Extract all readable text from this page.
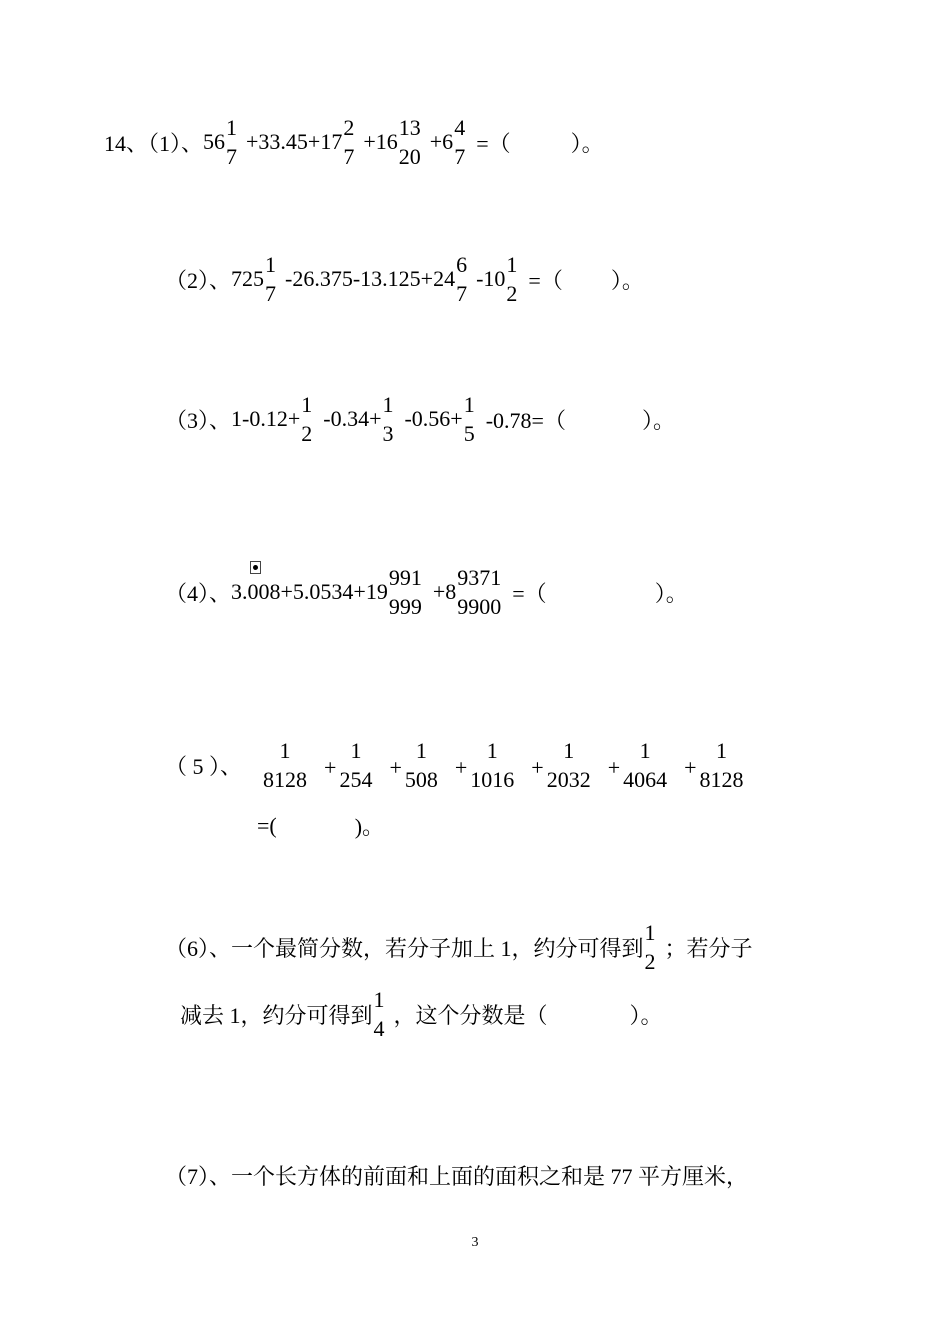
14、（1）、 56
1
7
+33.45+17
2
7
+16
13
20
+6
4
7
=（	）。
（2）、 725
1
7
-26.375-13.125+24
6
7
-10
1
2
=（ ）。
（3）、 1-0.12+
1
2
-0.34+
1
3
-0.56+
1
5
-0.78=（	）。
（4）、 3. 0 08+5.0534+19
991
999
+8
9371
9900
=（	）。
（ 5 ）、
1
8128 +
1
254 +
1
508 +
1
1016 +
1
2032 +
1
4064 +
1
8128
=(	)。
（6）、一个最简分数，若分子加上 1，约分可得到
1
2
；若分子
减去 1，约分可得到
1
4
，这个分数是（	）。
（7）、一个长方体的前面和上面的面积之和是 77 平方厘米，
3
